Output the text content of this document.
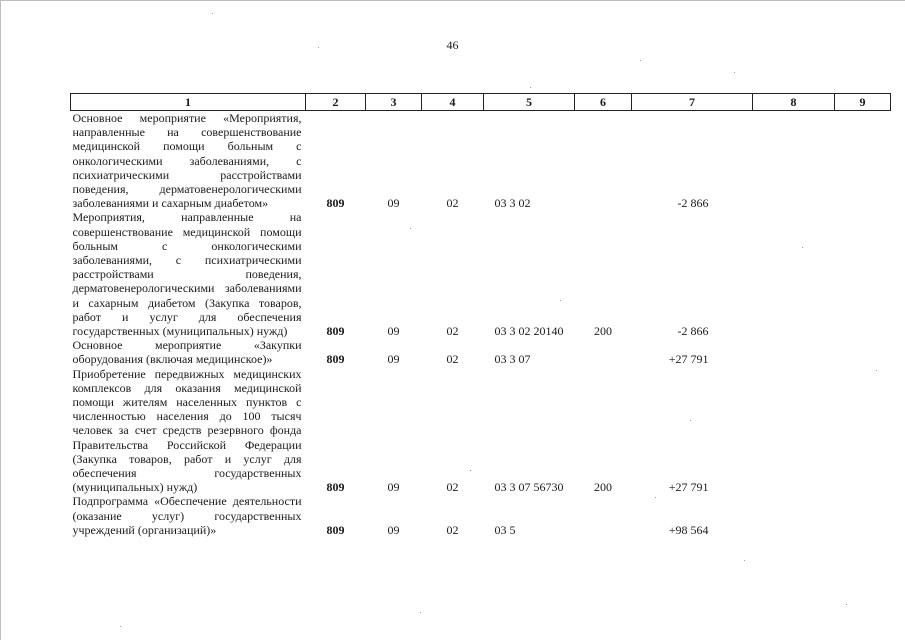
46
1	2	3	4	5	6	7	8	9
Основное мероприятие «Мероприятия, направленные на совершенствование медицинской помощи больным с онкологическими заболеваниями, с психиатрическими расстройствами поведения, дерматовенерологическими заболеваниями и сахарным диабетом»	809	09	02	03 3 02		-2 866		
Мероприятия, направленные на совершенствование медицинской помощи больным с онкологическими заболеваниями, с психиатрическими расстройствами поведения, дерматовенерологическими заболеваниями и сахарным диабетом (Закупка товаров, работ и услуг для обеспечения государственных (муниципальных) нужд)	809	09	02	03 3 02 20140	200	-2 866		
Основное мероприятие «Закупки оборудования (включая медицинское)»	809	09	02	03 3 07		+27 791		
Приобретение передвижных медицинских комплексов для оказания медицинской помощи жителям населенных пунктов с численностью населения до 100 тысяч человек за счет средств резервного фонда Правительства Российской Федерации (Закупка товаров, работ и услуг для обеспечения государственных (муниципальных) нужд)	809	09	02	03 3 07 56730	200	+27 791		
Подпрограмма «Обеспечение деятельности (оказание услуг) государственных учреждений (организаций)»	809	09	02	03 5		+98 564		
